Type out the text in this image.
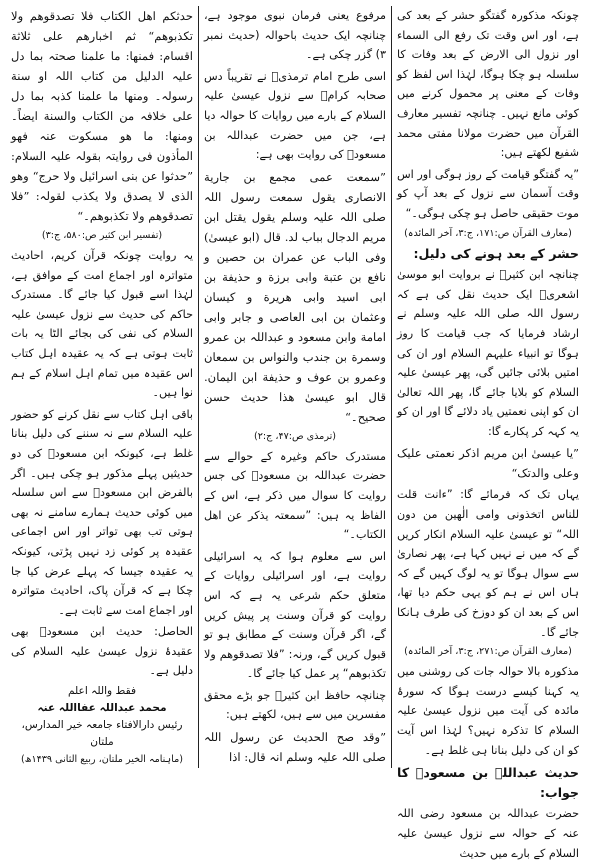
چونکہ مذکورہ گفتگو حشر کے بعد کی ہے، اور اس وقت تک رفع الی السماء اور نزول الی الارض کے بعد وفات کا سلسلہ ہو چکا ہوگا، لہٰذا اس لفظ کو وفات کے معنی پر محمول کرنے میں کوئی مانع نہیں۔ چنانچہ تفسیر معارف القرآن میں حضرت مولانا مفتی محمد شفیع لکھتے ہیں:

”یہ گفتگو قیامت کے روز ہوگی اور اس وقت آسمان سے نزول کے بعد آپ کو موت حقیقی حاصل ہو چکی ہوگی۔“

(معارف القرآن ص:۱۷۱، ج:۳، آخر المائدہ)

حشر کے بعد ہونے کی دلیل:

چنانچہ ابن کثیرؒ نے بروایت ابو موسیٰ اشعریؓ ایک حدیث نقل کی ہے کہ رسول اللہ صلی اللہ علیہ وسلم نے ارشاد فرمایا کہ جب قیامت کا روز ہوگا تو انبیاء علیہم السلام اور ان کی امتیں بلائی جائیں گی، پھر عیسیٰ علیہ السلام کو بلایا جائے گا، پھر اللہ تعالیٰ ان کو اپنی نعمتیں یاد دلائے گا اور ان کو یہ کہہ کر پکارے گا:

”یا عیسیٰ ابن مریم اذکر نعمتی علیک وعلی والدتک“

یہاں تک کہ فرمائے گا: ”ءانت قلت للناس اتخذونی وامی الٰھین من دون اللہ“ تو عیسیٰ علیہ السلام انکار کریں گے کہ میں نے نہیں کہا ہے، پھر نصاریٰ سے سوال ہوگا تو یہ لوگ کہیں گے کہ ہاں اس نے ہم کو یہی حکم دیا تھا، اس کے بعد ان کو دوزخ کی طرف ہانکا جائے گا۔

(معارف القرآن ص:۲۷۱، ج:۳، آخر المائدہ)

مذکورہ بالا حوالہ جات کی روشنی میں یہ کہنا کیسے درست ہوگا کہ سورۂ مائدہ کی آیت میں نزول عیسیٰ علیہ السلام کا تذکرہ نہیں؟ لہٰذا اس آیت کو ان کی دلیل بنانا ہی غلط ہے۔

حدیث عبداللہ بن مسعودؓ کا جواب:

حضرت عبداللہ بن مسعود رضی اللہ عنہ کے حوالہ سے نزول عیسیٰ علیہ السلام کے بارے میں حدیث

مرفوع یعنی فرمان نبوی موجود ہے، چنانچہ ایک حدیث باحوالہ (حدیث نمبر ۳) گزر چکی ہے۔

اسی طرح امام ترمذیؒ نے تقریباً دس صحابہ کرامؓ سے نزول عیسیٰ علیہ السلام کے بارے میں روایات کا حوالہ دیا ہے، جن میں حضرت عبداللہ بن مسعودؓ کی روایت بھی ہے:

”سمعت عمی مجمع بن جاریة الانصاری یقول سمعت رسول اللہ صلی اللہ علیہ وسلم یقول یقتل ابن مریم الدجال بباب لد. قال (ابو عیسیٰ) وفی الباب عن عمران بن حصین و نافع بن عتبة وابی برزة و حذیفة بن ابی اسید وابی ھریرة و کیسان وعثمان بن ابی العاصی و جابر وابی امامة وابن مسعود و عبداللہ بن عمرو وسمرة بن جندب والنواس بن سمعان وعمرو بن عوف و حذیفة ابن الیمان. قال ابو عیسیٰ ھذا حدیث حسن صحیح۔“

(ترمذی ص:۴۷، ج:۲)

مستدرک حاکم وغیرہ کے حوالے سے حضرت عبداللہ بن مسعودؓ کی جس روایت کا سوال میں ذکر ہے، اس کے الفاظ یہ ہیں: ”سمعتہ یذکر عن اھل الکتاب۔“

اس سے معلوم ہوا کہ یہ اسرائیلی روایت ہے، اور اسرائیلی روایات کے متعلق حکم شرعی یہ ہے کہ اس روایت کو قرآن وسنت پر پیش کریں گے، اگر قرآن وسنت کے مطابق ہو تو قبول کریں گے، ورنہ: ”فلا تصدقوھم ولا تکذبوھم“ پر عمل کیا جائے گا۔

چنانچہ حافظ ابن کثیرؒ جو بڑے محقق مفسرین میں سے ہیں، لکھتے ہیں:

”وقد صح الحدیث عن رسول اللہ صلی اللہ علیہ وسلم انہ قال: اذا

حدثکم اھل الکتاب فلا تصدقوھم ولا تکذبوھم“ ثم اخبارھم علی ثلاثة اقسام: فمنھا: ما علمنا صحتہ بما دل علیہ الدلیل من کتاب اللہ او سنة رسولہ۔ ومنھا ما علمنا کذبہ بما دل علی خلافہ من الکتاب والسنة ایضاً۔ ومنھا: ما ھو مسکوت عنہ فھو المأذون فی روایتہ بقولہ علیہ السلام: ”حدثوا عن بنی اسرائیل ولا حرج“ وھو الذی لا یصدق ولا یکذب لقولہ: ”فلا تصدقوھم ولا تکذبوھم۔“

(تفسیر ابن کثیر ص:۵۸۰، ج:۳)

یہ روایت چونکہ قرآن کریم، احادیث متواترہ اور اجماع امت کے موافق ہے، لہٰذا اسے قبول کیا جائے گا۔ مستدرک حاکم کی حدیث سے نزول عیسیٰ علیہ السلام کی نفی کی بجائے الٹا یہ بات ثابت ہوتی ہے کہ یہ عقیدہ اہل کتاب اس عقیدہ میں تمام اہل اسلام کے ہم نوا ہیں۔

باقی اہل کتاب سے نقل کرنے کو حضور علیہ السلام سے نہ سننے کی دلیل بنانا غلط ہے، کیونکہ ابن مسعودؓ کی دو حدیثیں پہلے مذکور ہو چکی ہیں۔ اگر بالفرض ابن مسعودؓ سے اس سلسلہ میں کوئی حدیث ہمارے سامنے نہ بھی ہوتی تب بھی تواتر اور اس اجماعی عقیدہ پر کوئی زد نہیں پڑتی، کیونکہ یہ عقیدہ جیسا کہ پہلے عرض کیا جا چکا ہے کہ قرآن پاک، احادیث متواترہ اور اجماع امت سے ثابت ہے۔

الحاصل: حدیث ابن مسعودؓ بھی عقیدۂ نزول عیسیٰ علیہ السلام کی دلیل ہے۔

فقط واللہ اعلم

محمد عبداللہ عفااللہ عنہ

رئیس دارالافتاء جامعہ خیر المدارس، ملتان

(ماہنامہ الخیر ملتان، ربیع الثانی ۱۴۳۹ھ)
